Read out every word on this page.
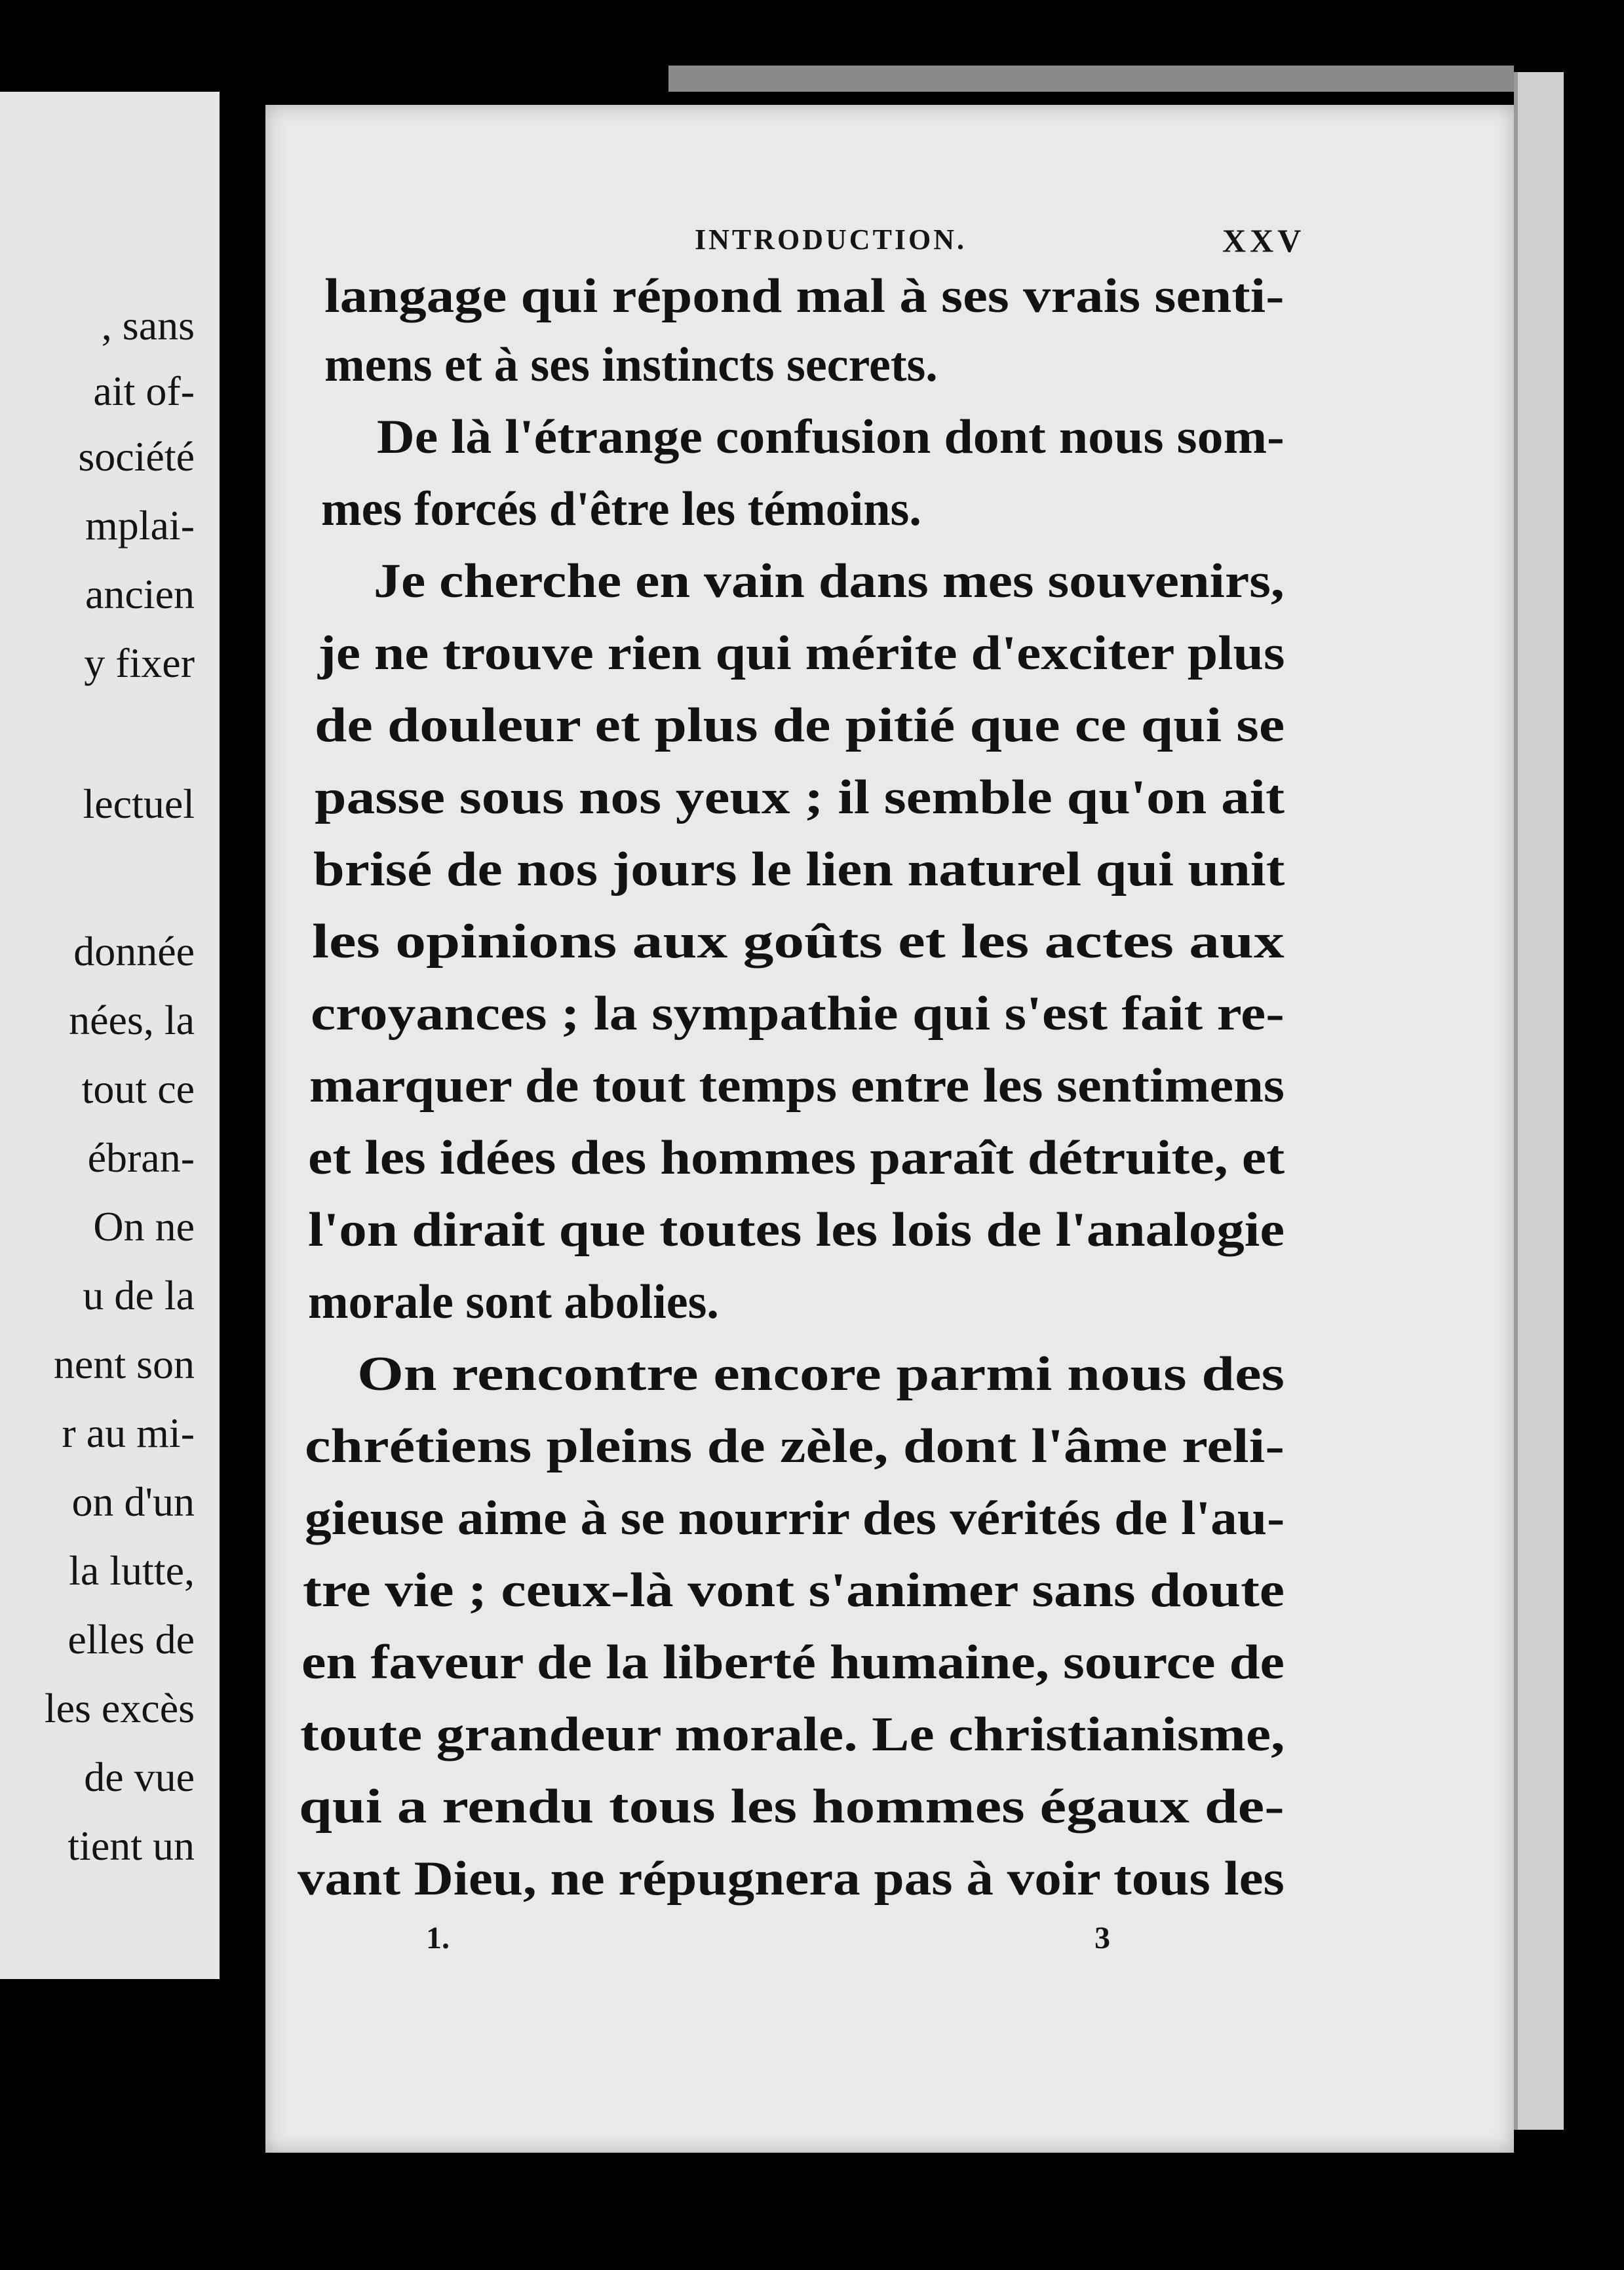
, sans
ait of-
société
mplai-
ancien
y fixer
lectuel
donnée
nées, la
tout ce
ébran-
On ne
u de la
nent son
r au mi-
on d'un
la lutte,
elles de
les excès
de vue
tient un
INTRODUCTION.	XXV
langage qui répond mal à ses vrais senti-
mens et à ses instincts secrets.
De là l'étrange confusion dont nous som-
mes forcés d'être les témoins.
Je cherche en vain dans mes souvenirs,
je ne trouve rien qui mérite d'exciter plus
de douleur et plus de pitié que ce qui se
passe sous nos yeux ; il semble qu'on ait
brisé de nos jours le lien naturel qui unit
les opinions aux goûts et les actes aux
croyances ; la sympathie qui s'est fait re-
marquer de tout temps entre les sentimens
et les idées des hommes paraît détruite, et
l'on dirait que toutes les lois de l'analogie
morale sont abolies.
On rencontre encore parmi nous des
chrétiens pleins de zèle, dont l'âme reli-
gieuse aime à se nourrir des vérités de l'au-
tre vie ; ceux-là vont s'animer sans doute
en faveur de la liberté humaine, source de
toute grandeur morale. Le christianisme,
qui a rendu tous les hommes égaux de-
vant Dieu, ne répugnera pas à voir tous les
1.	3
